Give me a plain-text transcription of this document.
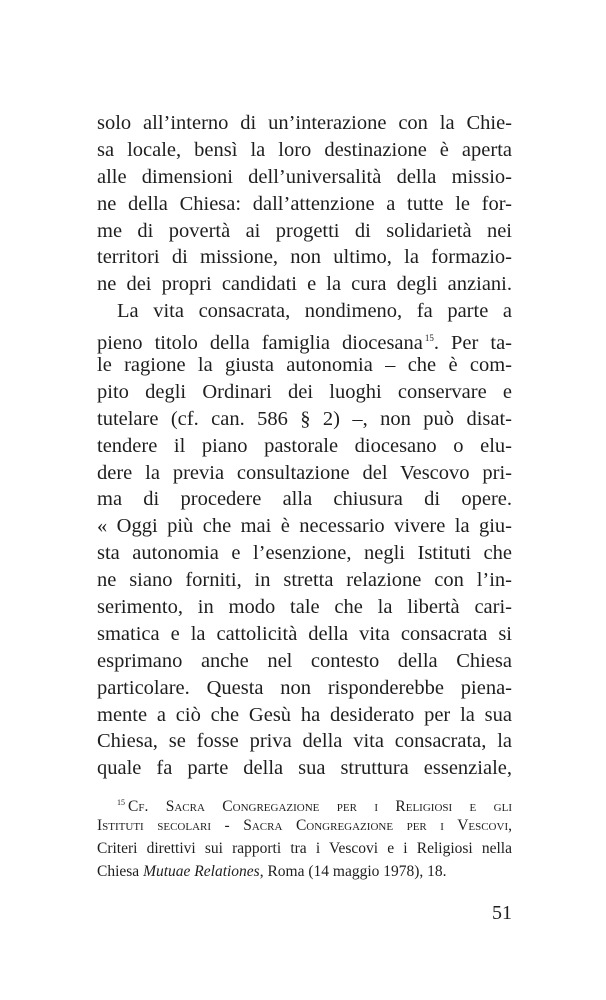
solo all’interno di un’interazione con la Chie-
sa locale, bensì la loro destinazione è aperta
alle dimensioni dell’universalità della missio-
ne della Chiesa: dall’attenzione a tutte le for-
me di povertà ai progetti di solidarietà nei
territori di missione, non ultimo, la formazio-
ne dei propri candidati e la cura degli anziani.
La vita consacrata, nondimeno, fa parte a
pieno titolo della famiglia diocesana $^{15}$. Per ta-
le ragione la giusta autonomia – che è com-
pito degli Ordinari dei luoghi conservare e
tutelare (cf. can. 586 § 2) –, non può disat-
tendere il piano pastorale diocesano o elu-
dere la previa consultazione del Vescovo pri-
ma di procedere alla chiusura di opere.
« Oggi più che mai è necessario vivere la giu-
sta autonomia e l’esenzione, negli Istituti che
ne siano forniti, in stretta relazione con l’in-
serimento, in modo tale che la libertà cari-
smatica e la cattolicità della vita consacrata si
esprimano anche nel contesto della Chiesa
particolare. Questa non risponderebbe piena-
mente a ciò che Gesù ha desiderato per la sua
Chiesa, se fosse priva della vita consacrata, la
quale fa parte della sua struttura essenziale,
$^{15}$ Cf. Sacra Congregazione per i Religiosi e gli
Istituti secolari - Sacra Congregazione per i Vescovi,
Criteri direttivi sui rapporti tra i Vescovi e i Religiosi nella
Chiesa Mutuae Relationes, Roma (14 maggio 1978), 18.
51
